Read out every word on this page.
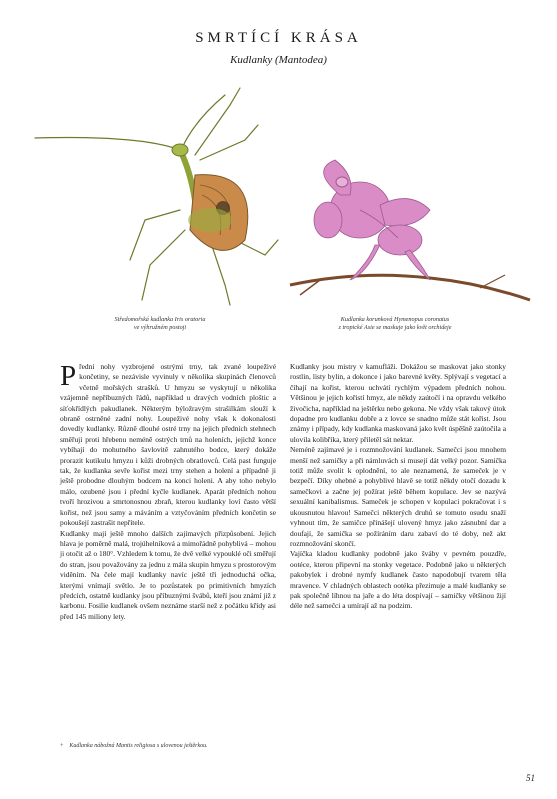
SMRTÍCÍ KRÁSA
Kudlanky (Mantodea)
Středomořská kudlanka Iris oratoria
ve výhružném postoji
Kudlanka korunková Hymenopus coronatus
z tropické Asie se maskuje jako květ orchideje

Přední nohy vyzbrojené ostrými trny, tak zvané loupeživé končetiny, se nezávisle vyvinuly v několika skupinách členovců včetně mořských strašků. U hmyzu se vyskytují u několika vzájemně nepříbuzných řádů, například u dravých vodních ploštic a síťokřídlých pakudlanek. Některým býložravým strašilkám slouží k obraně ostrněné zadní nohy. Loupeživé nohy však k dokonalosti dovedly kudlanky. Různě dlouhé ostré trny na jejich předních stehnech směřují proti hřebenu neméně ostrých trnů na holeních, jejichž konce vybíhají do mohutného šavlovitě zahnutého bodce, který dokáže prorazit kutikulu hmyzu i kůži drobných obratlovců. Celá past funguje tak, že kudlanka sevře kořist mezi trny stehen a holení a případně ji ještě probodne dlouhým bodcem na konci holeni. A aby toho nebylo málo, ozubené jsou i přední kyčle kudlanek. Aparát předních nohou tvoří hrozivou a smrtonosnou zbraň, kterou kudlanky loví často větší kořist, než jsou samy a máváním a vztyčováním předních končetin se pokoušejí zastrašit nepřítele.

Kudlanky mají ještě mnoho dalších zajímavých přizpůsobení. Jejich hlava je poměrně malá, trojúhelníková a mimořádně pohyblivá – mohou ji otočit až o 180°. Vzhledem k tomu, že dvě velké vypouklé oči směřují do stran, jsou považovány za jednu z mála skupin hmyzu s prostorovým viděním. Na čele mají kudlanky navíc ještě tři jednoduchá očka, kterými vnímají světlo. Je to pozůstatek po primitivních hmyzích předcích, ostatně kudlanky jsou příbuznými švábů, kteří jsou známí již z karbonu. Fosilie kudlanek ovšem neznáme starší než z počátku křídy asi před 145 miliony lety.

Kudlanky jsou mistry v kamufláži. Dokážou se maskovat jako stonky rostlin, listy bylin, a dokonce i jako barevné květy. Splývají s vegetací a číhají na kořist, kterou uchvátí rychlým výpadem předních nohou. Většinou je jejich kořistí hmyz, ale někdy zaútočí i na opravdu velkého živočicha, například na ještěrku nebo gekona. Ne vždy však takový útok dopadne pro kudlanku dobře a z lovce se snadno může stát kořist. Jsou známy i případy, kdy kudlanka maskovaná jako květ úspěšně zaútočila a ulovila kolibříka, který přiletěl sát nektar.

Neméně zajímavé je i rozmnožování kudlanek. Samečci jsou mnohem menší než samičky a při námluvách si musejí dát velký pozor. Samička totiž může svolit k oplodnění, to ale neznamená, že sameček je v bezpečí. Díky ohebné a pohyblivé hlavě se totiž někdy otočí dozadu k samečkovi a začne jej požírat ještě během kopulace. Jev se nazývá sexuální kanibalismus. Sameček je schopen v kopulaci pokračovat i s ukousnutou hlavou! Samečci některých druhů se tomuto osudu snaží vyhnout tím, že samičce přinášejí ulovený hmyz jako zásnubní dar a doufají, že samička se požíráním daru zabaví do té doby, než akt rozmnožování skončí.

Vajíčka kladou kudlanky podobně jako šváby v pevném pouzdře, ootéce, kterou připevní na stonky vegetace. Podobně jako u některých pakobylek i drobné nymfy kudlanek často napodobují tvarem těla mravence. V chladných oblastech ootéka přezimuje a malé kudlanky se pak společně líhnou na jaře a do léta dospívají – samičky většinou žijí déle než samečci a umírají až na podzim.

+ Kudlanka nábožná Mantis religiosa s ulovenou ještěrkou.
51
